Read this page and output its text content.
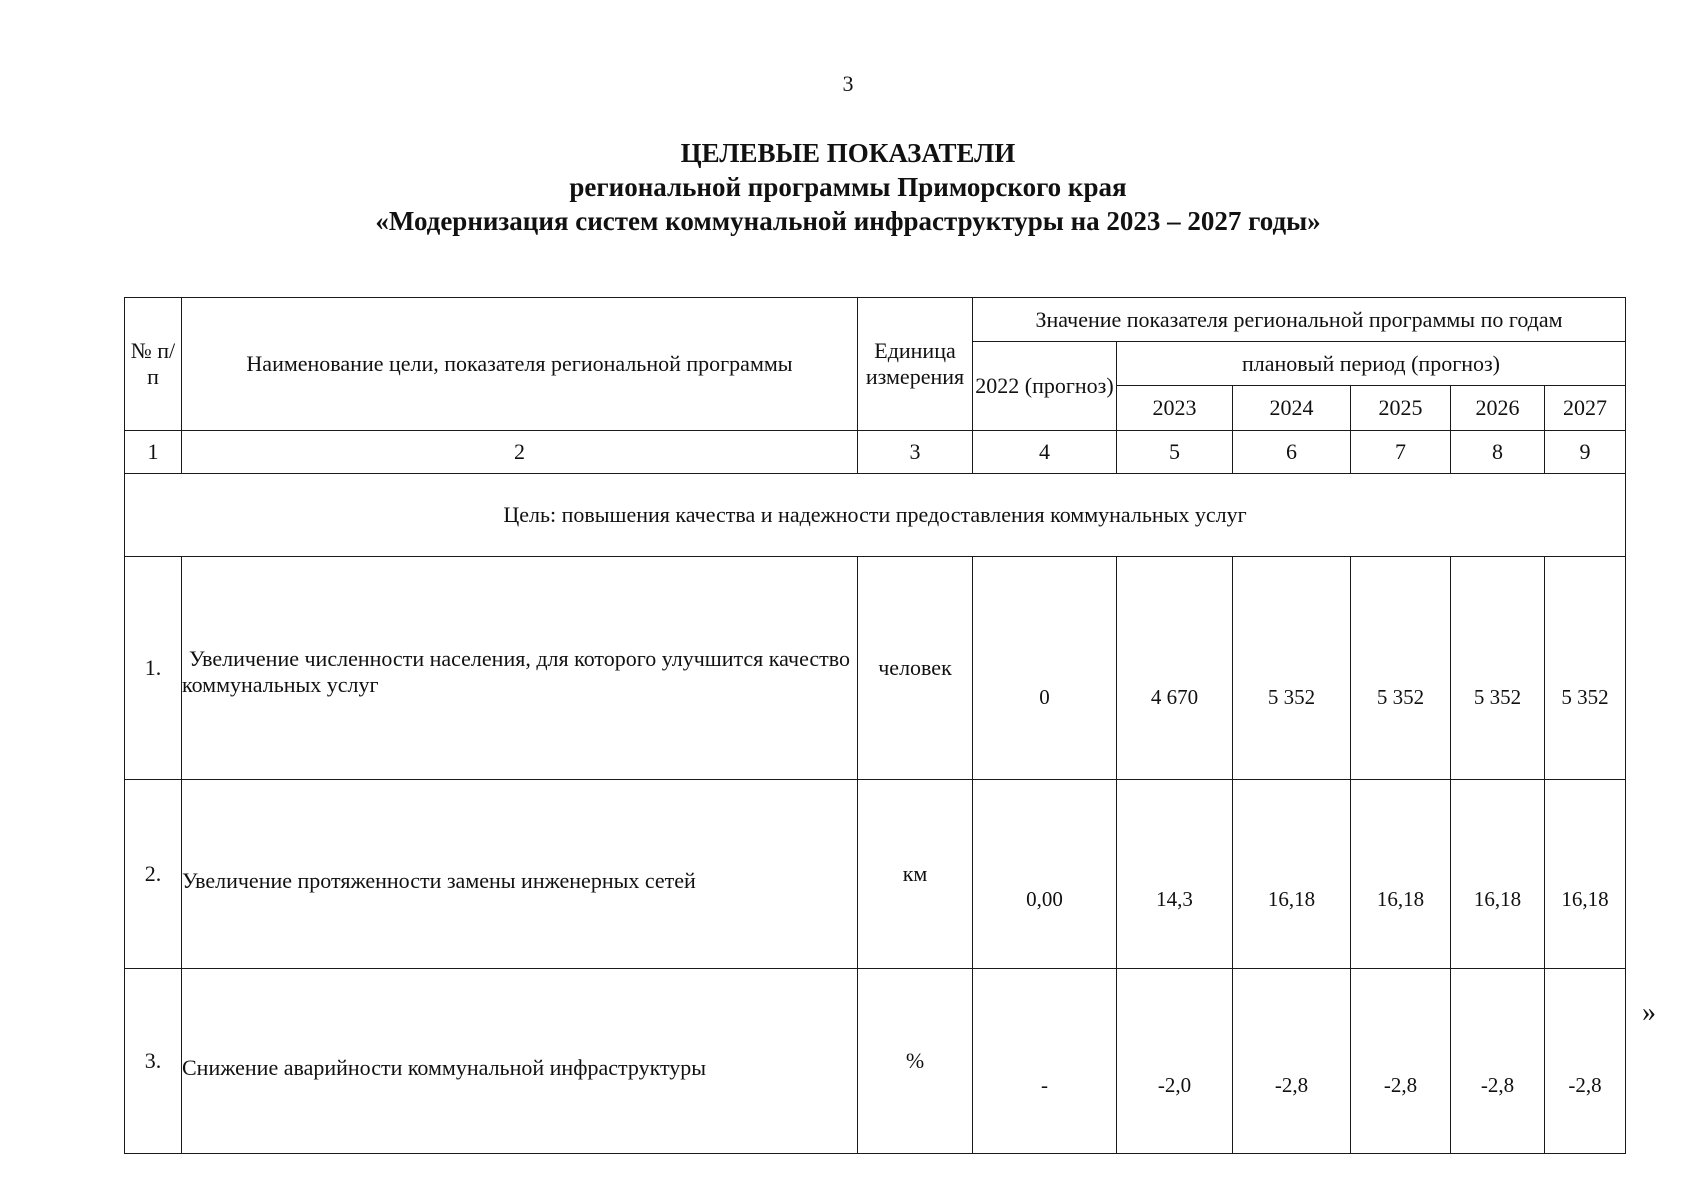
3
ЦЕЛЕВЫЕ ПОКАЗАТЕЛИ
региональной программы Приморского края
«Модернизация систем коммунальной инфраструктуры на 2023 – 2027 годы»
№ п/п	Наименование цели, показателя региональной программы	Единица измерения	Значение показателя региональной программы по годам					
			2022 (прогноз)	плановый период (прогноз)				
				2023	2024	2025	2026	2027
1	2	3	4	5	6	7	8	9
Цель: повышения качества и надежности предоставления коммунальных услуг								
1.	Увеличение численности населения, для которого улучшится качество коммунальных услуг	человек	0	4 670	5 352	5 352	5 352	5 352
2.	Увеличение протяженности замены инженерных сетей	км	0,00	14,3	16,18	16,18	16,18	16,18
3.	Снижение аварийности коммунальной инфраструктуры	%	-	-2,0	-2,8	-2,8	-2,8	-2,8
»
